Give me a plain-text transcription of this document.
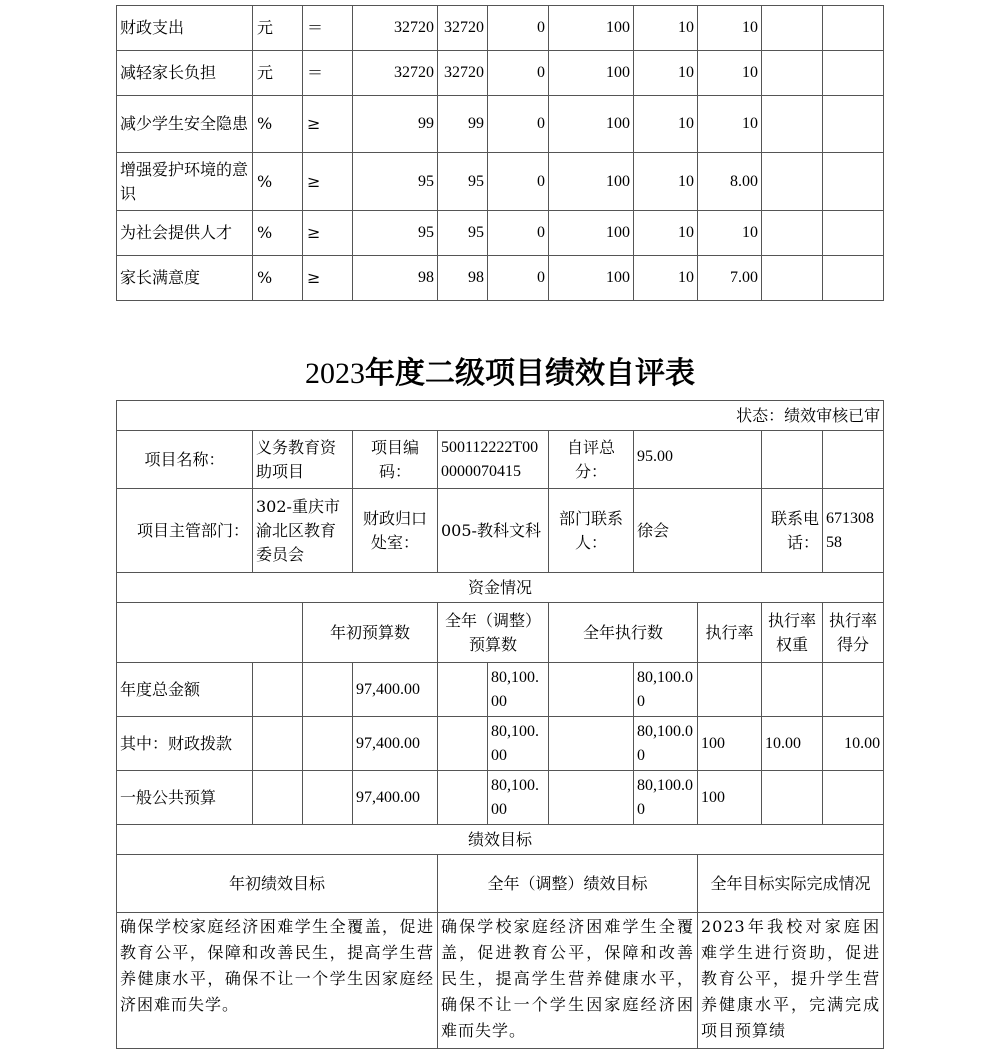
财政支出	元	＝	32720	32720	0	100	10	10		
减轻家长负担	元	＝	32720	32720	0	100	10	10		
减少学生安全隐患	%	≥	99	99	0	100	10	10		
增强爱护环境的意识	%	≥	95	95	0	100	10	8.00		
为社会提供人才	%	≥	95	95	0	100	10	10		
家长满意度	%	≥	98	98	0	100	10	7.00		
2023年度二级项目绩效自评表
状态：绩效审核已审										
项目名称：	义务教育资助项目		项目编码：	500112222T000000070415		自评总分：	95.00			
项目主管部门：	302-重庆市渝北区教育委员会		财政归口处室：	005-教科文科		部门联系人：	徐会		联系电话：	67130858
资金情况										
		年初预算数		全年（调整）预算数		全年执行数		执行率	执行率权重	执行率得分
年度总金额			97,400.00		80,100.00		80,100.00			
其中：财政拨款			97,400.00		80,100.00		80,100.00	100	10.00	10.00
一般公共预算			97,400.00		80,100.00		80,100.00	100		
绩效目标										
年初绩效目标				全年（调整）绩效目标				全年目标实际完成情况		
确保学校家庭经济困难学生全覆盖，促进教育公平，保障和改善民生，提高学生营养健康水平，确保不让一个学生因家庭经济困难而失学。				确保学校家庭经济困难学生全覆盖，促进教育公平，保障和改善民生，提高学生营养健康水平，确保不让一个学生因家庭经济困难而失学。				2023年我校对家庭困难学生进行资助，促进教育公平，提升学生营养健康水平，完满完成项目预算绩		
